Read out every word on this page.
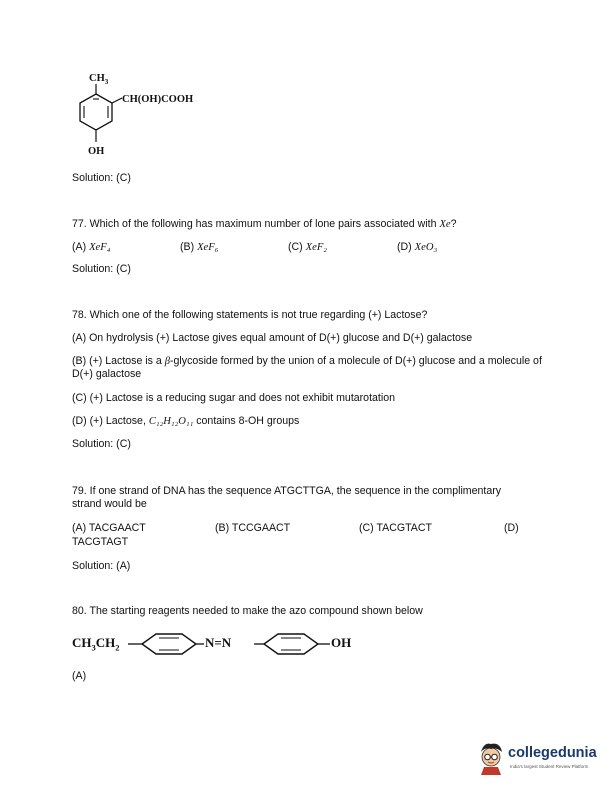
$CH_3$
CH(OH)COOH
OH
Solution: (C)
77. Which of the following has maximum number of lone pairs associated with Xe?
(A) XeF₄	(B) XeF₆	(C) XeF₂	(D) XeO₃
Solution: (C)
78. Which one of the following statements is not true regarding (+) Lactose?
(A) On hydrolysis (+) Lactose gives equal amount of D(+) glucose and D(+) galactose
(B) (+) Lactose is a β-glycoside formed by the union of a molecule of D(+) glucose and a molecule of D(+) galactose
(C) (+) Lactose is a reducing sugar and does not exhibit mutarotation
(D) (+) Lactose, C₁₂H₁₂O₁₁ contains 8-OH groups
Solution: (C)
79. If one strand of DNA has the sequence ATGCTTGA, the sequence in the complimentary strand would be
(A) TACGAACT	(B) TCCGAACT	(C) TACGTACT	(D)
TACGTAGT
Solution: (A)
80. The starting reagents needed to make the azo compound shown below
$CH_3CH_2$	N=N	OH
(A)
collegedunia
India's largest Student Review Platform
